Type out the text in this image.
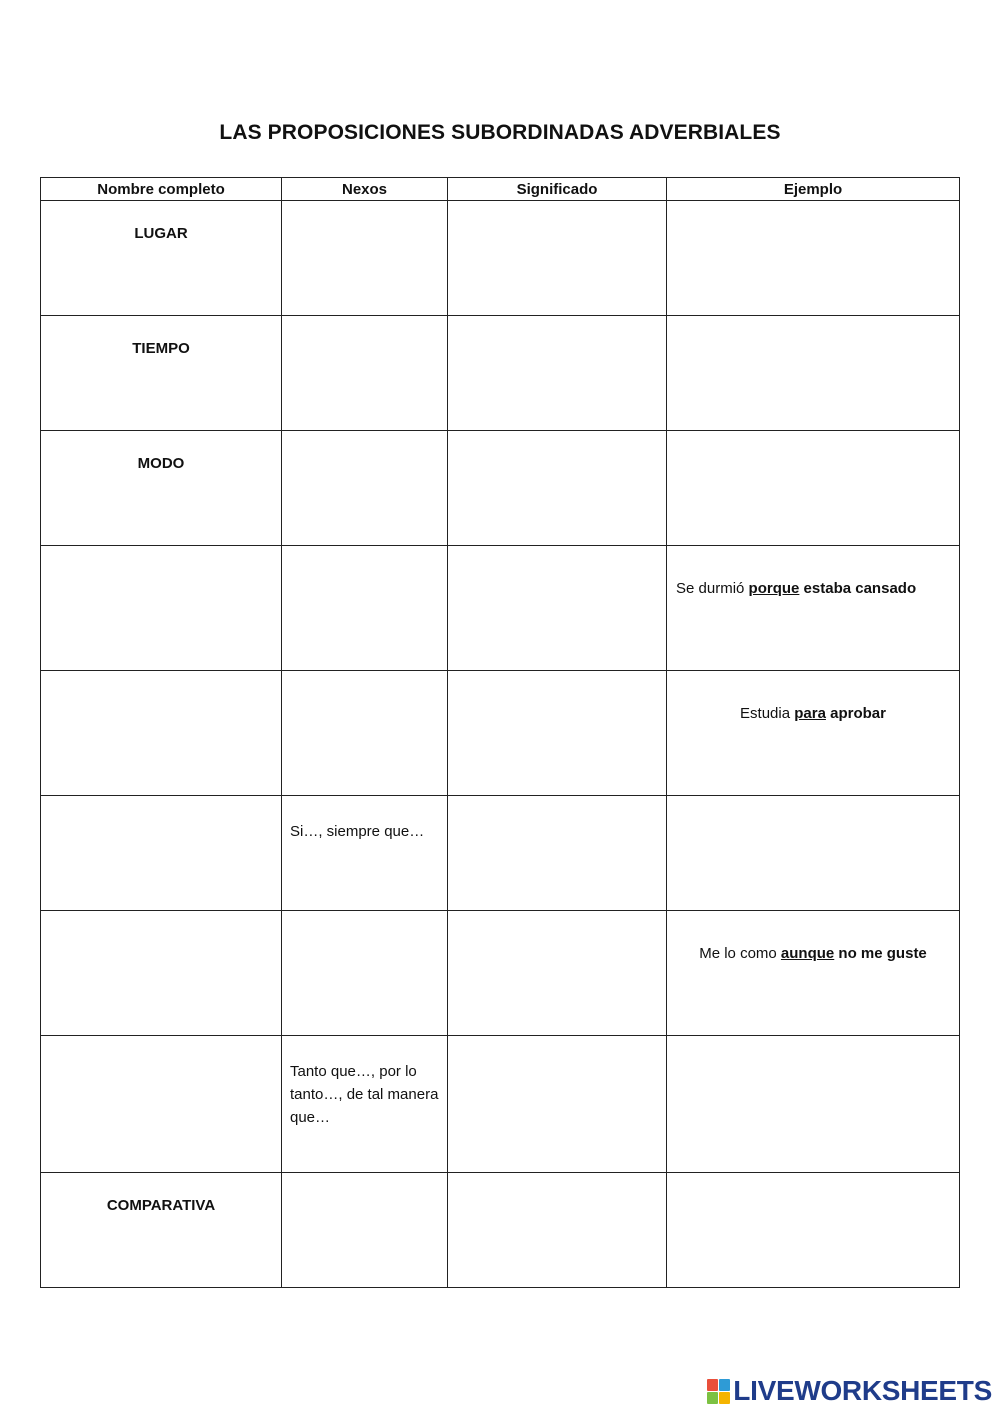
LAS PROPOSICIONES SUBORDINADAS ADVERBIALES
Nombre completo	Nexos	Significado	Ejemplo
LUGAR			
TIEMPO			
MODO			
			Se durmió porque estaba cansado
			Estudia para aprobar
	Si…, siempre que…		
			Me lo como aunque no me guste
	Tanto que…, por lo tanto…, de tal manera que…		
COMPARATIVA			
LIVEWORKSHEETS
